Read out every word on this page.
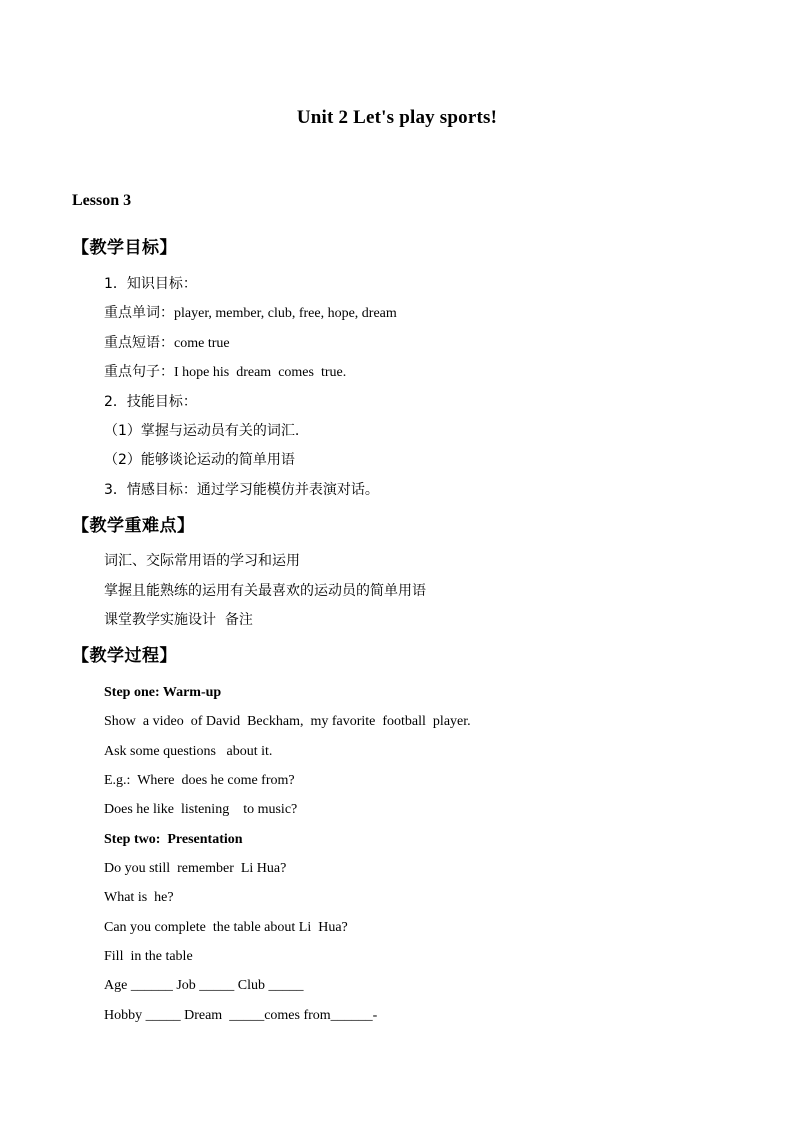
Unit 2 Let's play sports!
Lesson 3
【教学目标】
1．知识目标：
重点单词：player, member, club, free, hope, dream
重点短语：come true
重点句子：I hope his  dream  comes  true.
2．技能目标：
（1）掌握与运动员有关的词汇.
（2）能够谈论运动的简单用语
3．情感目标：通过学习能模仿并表演对话。
【教学重难点】
词汇、交际常用语的学习和运用
掌握且能熟练的运用有关最喜欢的运动员的简单用语
课堂教学实施设计  备注
【教学过程】
Step one: Warm-up
Show  a video  of David  Beckham,  my favorite  football  player.
Ask some questions   about it.
E.g.:  Where  does he come from?
Does he like  listening    to music?
Step two:  Presentation
Do you still  remember  Li Hua?
What is  he?
Can you complete  the table about Li  Hua?
Fill  in the table
Age ______ Job _____ Club _____
Hobby _____ Dream  _____comes from______-
